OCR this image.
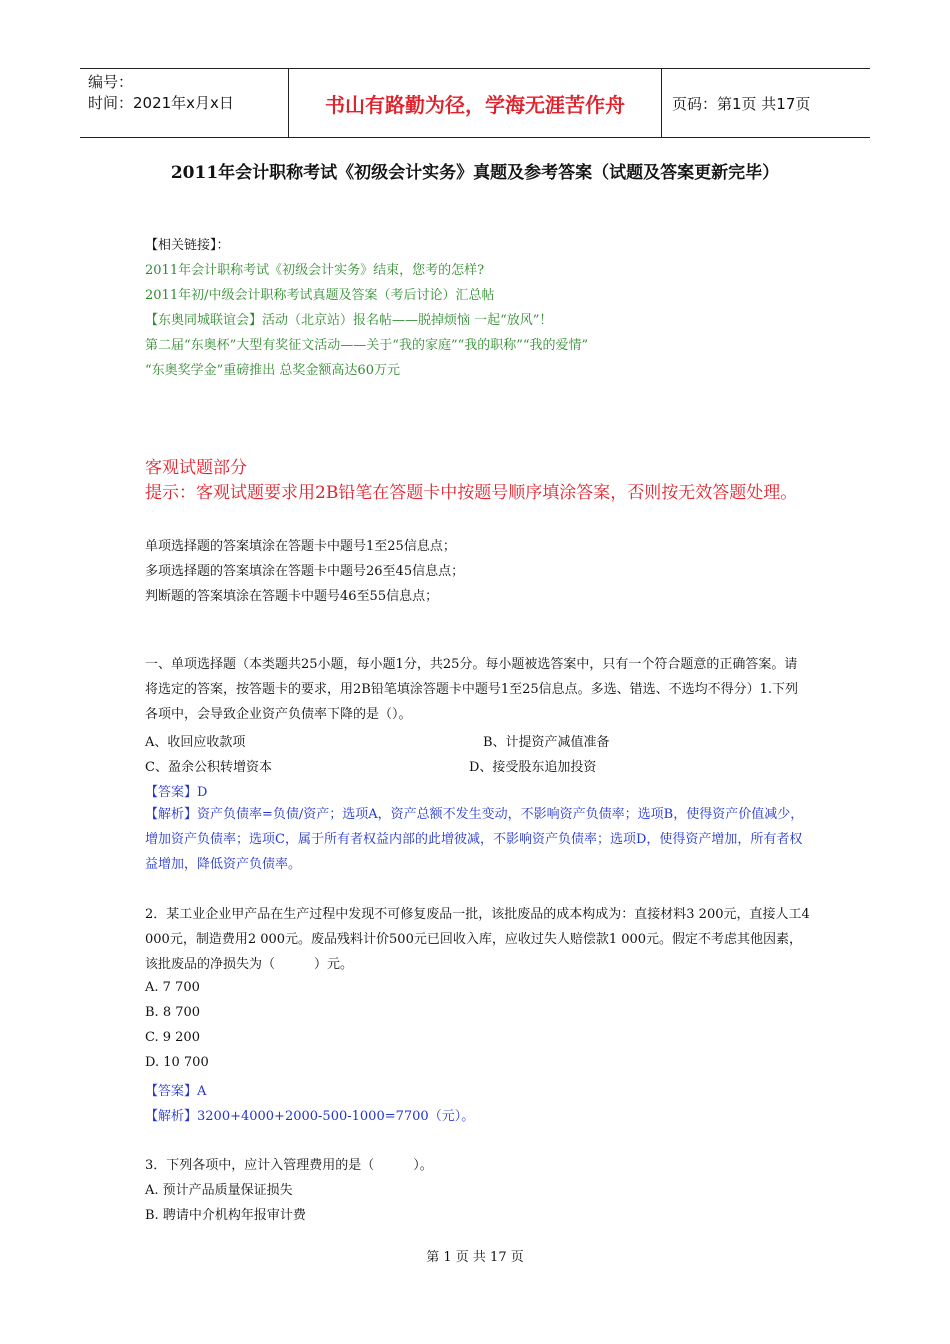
编号：
时间：2021年x月x日	书山有路勤为径，学海无涯苦作舟	页码：第1页 共17页
2011年会计职称考试《初级会计实务》真题及参考答案（试题及答案更新完毕）
【相关链接】：
2011年会计职称考试《初级会计实务》结束，您考的怎样?
2011年初/中级会计职称考试真题及答案（考后讨论）汇总帖
【东奥同城联谊会】活动（北京站）报名帖——脱掉烦恼 一起“放风”！
第二届“东奥杯”大型有奖征文活动——关于“我的家庭”“我的职称”“我的爱情”
“东奥奖学金”重磅推出 总奖金额高达60万元
客观试题部分
提示：客观试题要求用2B铅笔在答题卡中按题号顺序填涂答案，否则按无效答题处理。
单项选择题的答案填涂在答题卡中题号1至25信息点；
多项选择题的答案填涂在答题卡中题号26至45信息点；
判断题的答案填涂在答题卡中题号46至55信息点；
一、单项选择题（本类题共25小题，每小题1分，共25分。每小题被选答案中，只有一个符合题意的正确答案。请将选定的答案，按答题卡的要求，用2B铅笔填涂答题卡中题号1至25信息点。多选、错选、不选均不得分）1.下列各项中，会导致企业资产负债率下降的是（）。
A、收回应收款项	B、计提资产减值准备
C、盈余公积转增资本	D、接受股东追加投资
【答案】D
【解析】资产负债率=负债/资产；选项A，资产总额不发生变动，不影响资产负债率；选项B，使得资产价值减少，增加资产负债率；选项C，属于所有者权益内部的此增彼减，不影响资产负债率；选项D，使得资产增加，所有者权益增加，降低资产负债率。
2．某工业企业甲产品在生产过程中发现不可修复废品一批，该批废品的成本构成为：直接材料3 200元，直接人工4 000元，制造费用2 000元。废品残料计价500元已回收入库，应收过失人赔偿款1 000元。假定不考虑其他因素，该批废品的净损失为（　　　）元。
A. 7 700
B. 8 700
C. 9 200
D. 10 700
【答案】A
【解析】3200+4000+2000-500-1000=7700（元）。
3．下列各项中，应计入管理费用的是（　　　）。
A. 预计产品质量保证损失
B. 聘请中介机构年报审计费
第 1 页 共 17 页
